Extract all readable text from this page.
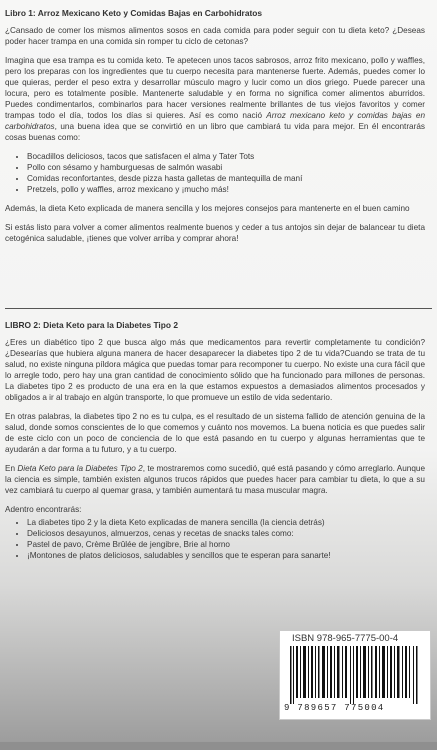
Libro 1: Arroz Mexicano Keto y Comidas Bajas en Carbohidratos

¿Cansado de comer los mismos alimentos sosos en cada comida para poder seguir con tu dieta keto? ¿Deseas poder hacer trampa en una comida sin romper tu ciclo de cetonas?

Imagina que esa trampa es tu comida keto. Te apetecen unos tacos sabrosos, arroz frito mexicano, pollo y waffles, pero los preparas con los ingredientes que tu cuerpo necesita para mantenerse fuerte. Además, puedes comer lo que quieras, perder el peso extra y desarrollar músculo magro y lucir como un dios griego. Puede parecer una locura, pero es totalmente posible. Mantenerte saludable y en forma no significa comer alimentos aburridos. Puedes condimentarlos, combinarlos para hacer versiones realmente brillantes de tus viejos favoritos y comer trampas todo el día, todos los días si quieres. Así es como nació Arroz mexicano keto y comidas bajas en carbohidratos, una buena idea que se convirtió en un libro que cambiará tu vida para mejor. En él encontrarás cosas buenas como:

• Bocadillos deliciosos, tacos que satisfacen el alma y Tater Tots
• Pollo con sésamo y hamburguesas de salmón wasabi
• Comidas reconfortantes, desde pizza hasta galletas de mantequilla de maní
• Pretzels, pollo y waffles, arroz mexicano y ¡mucho más!

Además, la dieta Keto explicada de manera sencilla y los mejores consejos para mantenerte en el buen camino

Si estás listo para volver a comer alimentos realmente buenos y ceder a tus antojos sin dejar de balancear tu dieta cetogénica saludable, ¡tienes que volver arriba y comprar ahora!

LIBRO 2: Dieta Keto para la Diabetes Tipo 2

¿Eres un diabético tipo 2 que busca algo más que medicamentos para revertir completamente tu condición? ¿Desearías que hubiera alguna manera de hacer desaparecer la diabetes tipo 2 de tu vida?Cuando se trata de tu salud, no existe ninguna píldora mágica que puedas tomar para recomponer tu cuerpo. No existe una cura fácil que lo arregle todo, pero hay una gran cantidad de conocimiento sólido que ha funcionado para millones de personas. La diabetes tipo 2 es producto de una era en la que estamos expuestos a demasiados alimentos procesados y obligados a ir al trabajo en algún transporte, lo que promueve un estilo de vida sedentario.

En otras palabras, la diabetes tipo 2 no es tu culpa, es el resultado de un sistema fallido de atención genuina de la salud, donde somos conscientes de lo que comemos y cuánto nos movemos. La buena noticia es que puedes salir de este ciclo con un poco de conciencia de lo que está pasando en tu cuerpo y algunas herramientas que te ayudarán a dar forma a tu futuro, y a tu cuerpo.

En Dieta Keto para la Diabetes Tipo 2, te mostraremos como sucedió, qué está pasando y cómo arreglarlo. Aunque la ciencia es simple, también existen algunos trucos rápidos que puedes hacer para cambiar tu dieta, lo que a su vez cambiará tu cuerpo al quemar grasa, y también aumentará tu masa muscular magra.

Adentro encontrarás:

• La diabetes tipo 2 y la dieta Keto explicadas de manera sencilla (la ciencia detrás)
• Deliciosos desayunos, almuerzos, cenas y recetas de snacks tales como:
• Pastel de pavo, Crème Brûlée de jengibre, Brie al horno
• ¡Montones de platos deliciosos, saludables y sencillos que te esperan para sanarte!
ISBN 978-965-7775-00-4
9 789657 775004
